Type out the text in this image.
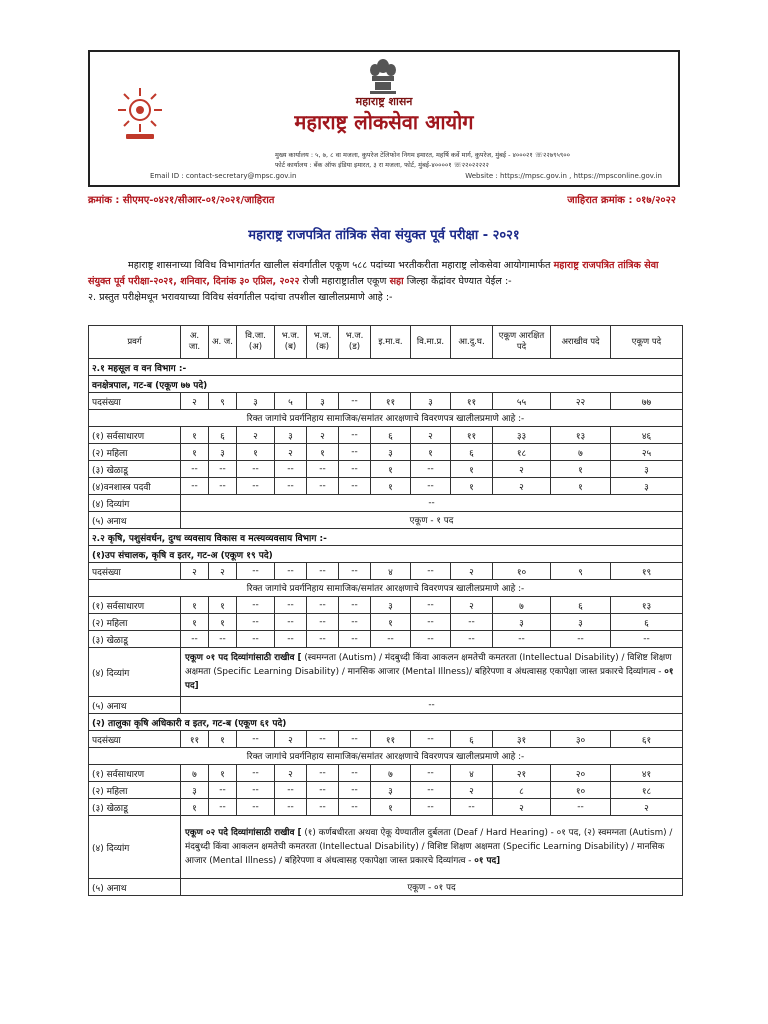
महाराष्ट्र शासन
महाराष्ट्र लोकसेवा आयोग
मुख्य कार्यालय : ५, ७, ८ वा मजला, कुपरेज टेलिफोन निगम इमारत, महर्षि कर्वे मार्ग, कुपरेज, मुंबई - ४०००२१ ☏२२७९५९००
फोर्ट कार्यालय : बँक ऑफ इंडिया इमारत, ३ रा मजला, फोर्ट, मुंबई-४००००१ ☏२२०२२२२२
Email ID : contact-secretary@mpsc.gov.in	Website : https://mpsc.gov.in , https://mpsconline.gov.in
क्रमांक : सीएमए-०४२१/सीआर-०१/२०२१/जाहिरात	जाहिरात क्रमांक : ०१७/२०२२
महाराष्ट्र राजपत्रित तांत्रिक सेवा संयुक्त पूर्व परीक्षा - २०२१
महाराष्ट्र शासनाच्या विविध विभागांतर्गत खालील संवर्गातील एकूण ५८८ पदांच्या भरतीकरीता महाराष्ट्र लोकसेवा आयोगामार्फत महाराष्ट्र राजपत्रित तांत्रिक सेवा संयुक्त पूर्व परीक्षा-२०२१, शनिवार, दिनांक ३० एप्रिल, २०२२ रोजी महाराष्ट्रातील एकूण सहा जिल्हा केंद्रांवर घेण्यात येईल :-
२. प्रस्तुत परीक्षेमधून भरावयाच्या विविध संवर्गातील पदांचा तपशील खालीलप्रमाणे आहे :-
प्रवर्ग	अ. जा.	अ. ज.	वि.जा. (अ)	भ.ज. (ब)	भ.ज. (क)	भ.ज. (ड)	इ.मा.व.	वि.मा.प्र.	आ.दु.घ.	एकूण आरक्षित पदे	अराखीव पदे	एकूण पदे
२.१ महसूल व वन विभाग :-												
वनक्षेत्रपाल, गट-ब (एकूण ७७ पदे)												
पदसंख्या	२	९	३	५	३	--	११	३	११	५५	२२	७७
रिक्त जागांचे प्रवर्गनिहाय सामाजिक/समांतर आरक्षणाचे विवरणपत्र खालीलप्रमाणे आहे :-												
(१) सर्वसाधारण	१	६	२	३	२	--	६	२	११	३३	१३	४६
(२) महिला	१	३	१	२	१	--	३	१	६	१८	७	२५
(३) खेळाडू	--	--	--	--	--	--	१	--	१	२	१	३
(४)वनशास्त्र पदवी	--	--	--	--	--	--	१	--	१	२	१	३
(४) दिव्यांग	--											
(५) अनाथ	एकूण - १ पद											
२.२ कृषि, पशुसंवर्धन, दुग्ध व्यवसाय विकास व मत्स्यव्यवसाय विभाग :-												
(१)उप संचालक, कृषि व इतर, गट-अ (एकूण १९ पदे)												
पदसंख्या	२	२	--	--	--	--	४	--	२	१०	९	१९
रिक्त जागांचे प्रवर्गनिहाय सामाजिक/समांतर आरक्षणाचे विवरणपत्र खालीलप्रमाणे आहे :-												
(१) सर्वसाधारण	१	१	--	--	--	--	३	--	२	७	६	१३
(२) महिला	१	१	--	--	--	--	१	--	--	३	३	६
(३) खेळाडू	--	--	--	--	--	--	--	--	--	--	--	--
(४) दिव्यांग	एकूण ०१ पद दिव्यांगांसाठी राखीव [ (स्वमग्नता (Autism) / मंदबुध्दी किंवा आकलन क्षमतेची कमतरता (Intellectual Disability) / विशिष्ट शिक्षण अक्षमता (Specific Learning Disability) / मानसिक आजार (Mental Illness)/ बहिरेपणा व अंधत्वासह एकापेक्षा जास्त प्रकारचे दिव्यांगत्व - ०१ पद]											
(५) अनाथ	--											
(२) तालुका कृषि अधिकारी व इतर, गट-ब (एकूण ६१ पदे)												
पदसंख्या	११	१	--	२	--	--	११	--	६	३१	३०	६१
रिक्त जागांचे प्रवर्गनिहाय सामाजिक/समांतर आरक्षणाचे विवरणपत्र खालीलप्रमाणे आहे :-												
(१) सर्वसाधारण	७	१	--	२	--	--	७	--	४	२१	२०	४१
(२) महिला	३	--	--	--	--	--	३	--	२	८	१०	१८
(३) खेळाडू	१	--	--	--	--	--	१	--	--	२	--	२
(४) दिव्यांग	एकूण ०२ पदे दिव्यांगांसाठी राखीव [ (१) कर्णबधीरता अथवा ऐकू येण्यातील दुर्बलता (Deaf / Hard Hearing) - ०१ पद, (२) स्वमग्नता (Autism) / मंदबुध्दी किंवा आकलन क्षमतेची कमतरता (Intellectual Disability) / विशिष्ट शिक्षण अक्षमता (Specific Learning Disability) / मानसिक आजार (Mental Illness) / बहिरेपणा व अंधत्वासह एकापेक्षा जास्त प्रकारचे दिव्यांगत्व - ०१ पद]											
(५) अनाथ	एकूण - ०१ पद											
